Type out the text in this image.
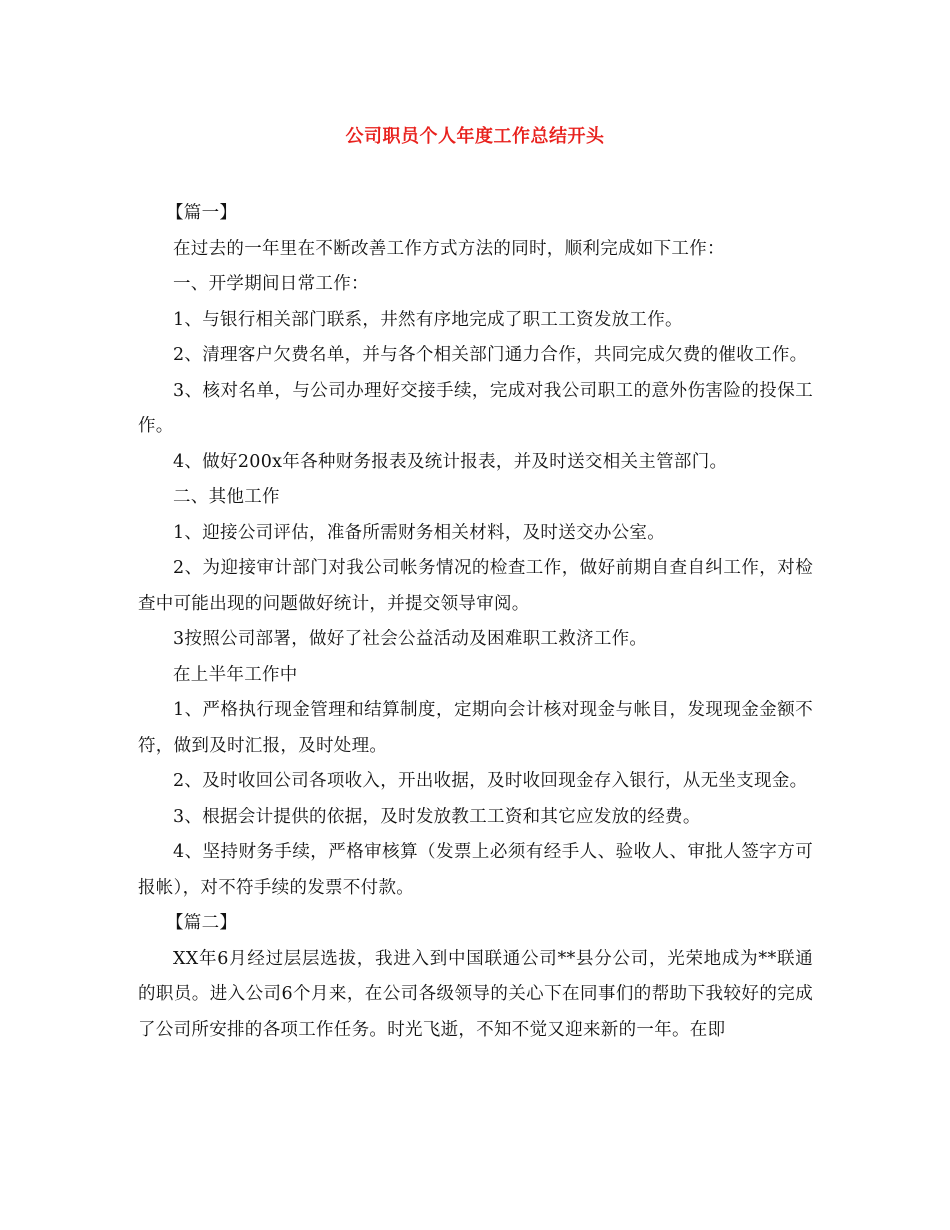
公司职员个人年度工作总结开头

【篇一】

在过去的一年里在不断改善工作方式方法的同时，顺利完成如下工作：

一、开学期间日常工作：

1、与银行相关部门联系，井然有序地完成了职工工资发放工作。

2、清理客户欠费名单，并与各个相关部门通力合作，共同完成欠费的催收工作。

3、核对名单，与公司办理好交接手续，完成对我公司职工的意外伤害险的投保工作。

4、做好200x年各种财务报表及统计报表，并及时送交相关主管部门。

二、其他工作

1、迎接公司评估，准备所需财务相关材料，及时送交办公室。

2、为迎接审计部门对我公司帐务情况的检查工作，做好前期自查自纠工作，对检查中可能出现的问题做好统计，并提交领导审阅。

3按照公司部署，做好了社会公益活动及困难职工救济工作。

在上半年工作中

1、严格执行现金管理和结算制度，定期向会计核对现金与帐目，发现现金金额不符，做到及时汇报，及时处理。

2、及时收回公司各项收入，开出收据，及时收回现金存入银行，从无坐支现金。

3、根据会计提供的依据，及时发放教工工资和其它应发放的经费。

4、坚持财务手续，严格审核算（发票上必须有经手人、验收人、审批人签字方可报帐），对不符手续的发票不付款。

【篇二】

XX年6月经过层层选拔，我进入到中国联通公司**县分公司，光荣地成为**联通的职员。进入公司6个月来，在公司各级领导的关心下在同事们的帮助下我较好的完成了公司所安排的各项工作任务。时光飞逝，不知不觉又迎来新的一年。在即
